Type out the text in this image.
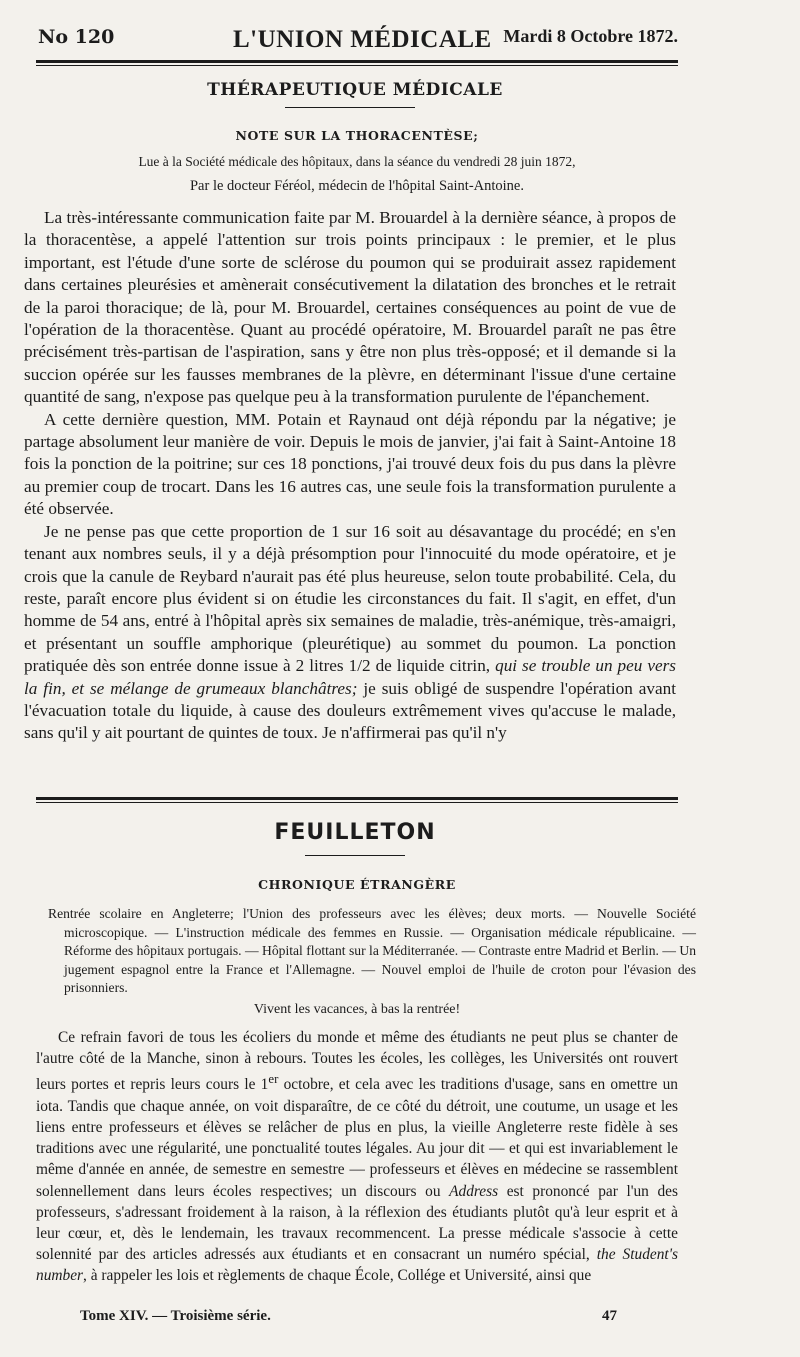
No 120	L'UNION MÉDICALE Mardi 8 Octobre 1872.
THÉRAPEUTIQUE MÉDICALE
NOTE SUR LA THORACENTÈSE;
Lue à la Société médicale des hôpitaux, dans la séance du vendredi 28 juin 1872,
Par le docteur Féréol, médecin de l'hôpital Saint-Antoine.

La très-intéressante communication faite par M. Brouardel à la dernière séance, à propos de la thoracentèse, a appelé l'attention sur trois points principaux : le premier, et le plus important, est l'étude d'une sorte de sclérose du poumon qui se produirait assez rapidement dans certaines pleurésies et amènerait consécutivement la dilatation des bronches et le retrait de la paroi thoracique; de là, pour M. Brouardel, certaines conséquences au point de vue de l'opération de la thoracentèse. Quant au procédé opératoire, M. Brouardel paraît ne pas être précisément très-partisan de l'aspiration, sans y être non plus très-opposé; et il demande si la succion opérée sur les fausses membranes de la plèvre, en déterminant l'issue d'une certaine quantité de sang, n'expose pas quelque peu à la transformation purulente de l'épanchement.

A cette dernière question, MM. Potain et Raynaud ont déjà répondu par la négative; je partage absolument leur manière de voir. Depuis le mois de janvier, j'ai fait à Saint-Antoine 18 fois la ponction de la poitrine; sur ces 18 ponctions, j'ai trouvé deux fois du pus dans la plèvre au premier coup de trocart. Dans les 16 autres cas, une seule fois la transformation purulente a été observée.

Je ne pense pas que cette proportion de 1 sur 16 soit au désavantage du procédé; en s'en tenant aux nombres seuls, il y a déjà présomption pour l'innocuité du mode opératoire, et je crois que la canule de Reybard n'aurait pas été plus heureuse, selon toute probabilité. Cela, du reste, paraît encore plus évident si on étudie les circonstances du fait. Il s'agit, en effet, d'un homme de 54 ans, entré à l'hôpital après six semaines de maladie, très-anémique, très-amaigri, et présentant un souffle amphorique (pleurétique) au sommet du poumon. La ponction pratiquée dès son entrée donne issue à 2 litres 1/2 de liquide citrin, qui se trouble un peu vers la fin, et se mélange de grumeaux blanchâtres; je suis obligé de suspendre l'opération avant l'évacuation totale du liquide, à cause des douleurs extrêmement vives qu'accuse le malade, sans qu'il y ait pourtant de quintes de toux. Je n'affirmerai pas qu'il n'y

FEUILLETON
CHRONIQUE ÉTRANGÈRE
Rentrée scolaire en Angleterre; l'Union des professeurs avec les élèves; deux morts. — Nouvelle Société microscopique. — L'instruction médicale des femmes en Russie. — Organisation médicale républicaine. — Réforme des hôpitaux portugais. — Hôpital flottant sur la Méditerranée. — Contraste entre Madrid et Berlin. — Un jugement espagnol entre la France et l'Allemagne. — Nouvel emploi de l'huile de croton pour l'évasion des prisonniers.
Vivent les vacances, à bas la rentrée!

Ce refrain favori de tous les écoliers du monde et même des étudiants ne peut plus se chanter de l'autre côté de la Manche, sinon à rebours. Toutes les écoles, les collèges, les Universités ont rouvert leurs portes et repris leurs cours le 1er octobre, et cela avec les traditions d'usage, sans en omettre un iota. Tandis que chaque année, on voit disparaître, de ce côté du détroit, une coutume, un usage et les liens entre professeurs et élèves se relâcher de plus en plus, la vieille Angleterre reste fidèle à ses traditions avec une régularité, une ponctualité toutes légales. Au jour dit — et qui est invariablement le même d'année en année, de semestre en semestre — professeurs et élèves en médecine se rassemblent solennellement dans leurs écoles respectives; un discours ou Address est prononcé par l'un des professeurs, s'adressant froidement à la raison, à la réflexion des étudiants plutôt qu'à leur esprit et à leur cœur, et, dès le lendemain, les travaux recommencent. La presse médicale s'associe à cette solennité par des articles adressés aux étudiants et en consacrant un numéro spécial, the Student's number, à rappeler les lois et règlements de chaque École, Collége et Université, ainsi que

Tome XIV. — Troisième série.	47
